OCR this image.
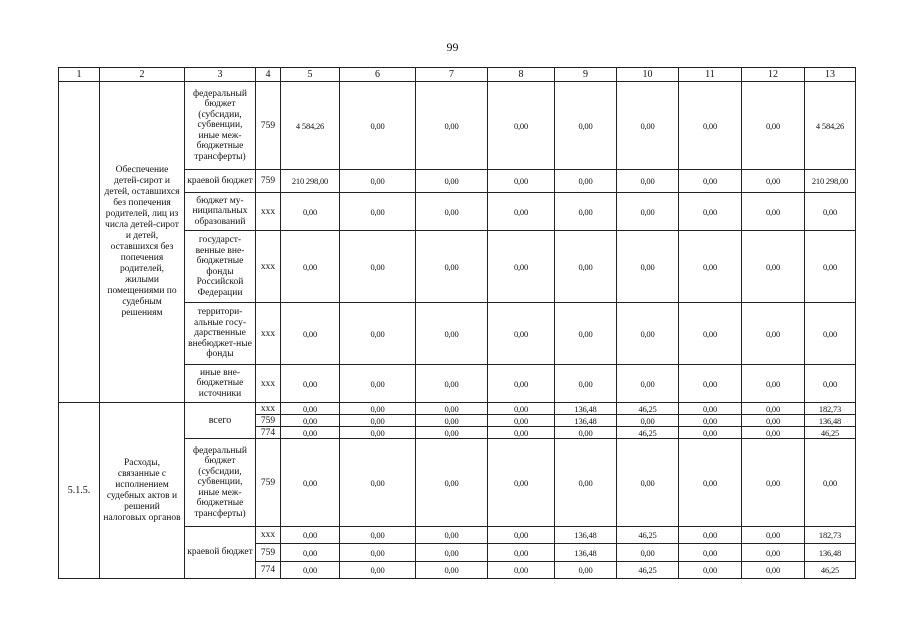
99
1	2	3	4	5	6	7	8	9	10	11	12	13
	Обеспечение детей-сирот и детей, оставшихся без попечения родителей, лиц из числа детей-сирот и детей, оставшихся без попечения родителей, жилыми помещениями по судебным решениям	федеральный бюджет (субсидии, субвенции, иные меж-бюджетные трансферты)	759	4 584,26	0,00	0,00	0,00	0,00	0,00	0,00	0,00	4 584,26
		краевой бюджет	759	210 298,00	0,00	0,00	0,00	0,00	0,00	0,00	0,00	210 298,00
		бюджет му-ниципальных образований	ххх	0,00	0,00	0,00	0,00	0,00	0,00	0,00	0,00	0,00
		государст-венные вне-бюджетные фонды Российской Федерации	ххх	0,00	0,00	0,00	0,00	0,00	0,00	0,00	0,00	0,00
		территори-альные госу-дарственные внебюджет-ные фонды	ххх	0,00	0,00	0,00	0,00	0,00	0,00	0,00	0,00	0,00
		иные вне-бюджетные источники	ххх	0,00	0,00	0,00	0,00	0,00	0,00	0,00	0,00	0,00
5.1.5.	Расходы, связанные с исполнением судебных актов и решений налоговых органов	всего	ххх	0,00	0,00	0,00	0,00	136,48	46,25	0,00	0,00	182,73
			759	0,00	0,00	0,00	0,00	136,48	0,00	0,00	0,00	136,48
			774	0,00	0,00	0,00	0,00	0,00	46,25	0,00	0,00	46,25
		федеральный бюджет (субсидии, субвенции, иные меж-бюджетные трансферты)	759	0,00	0,00	0,00	0,00	0,00	0,00	0,00	0,00	0,00
		краевой бюджет	ххх	0,00	0,00	0,00	0,00	136,48	46,25	0,00	0,00	182,73
			759	0,00	0,00	0,00	0,00	136,48	0,00	0,00	0,00	136,48
			774	0,00	0,00	0,00	0,00	0,00	46,25	0,00	0,00	46,25
